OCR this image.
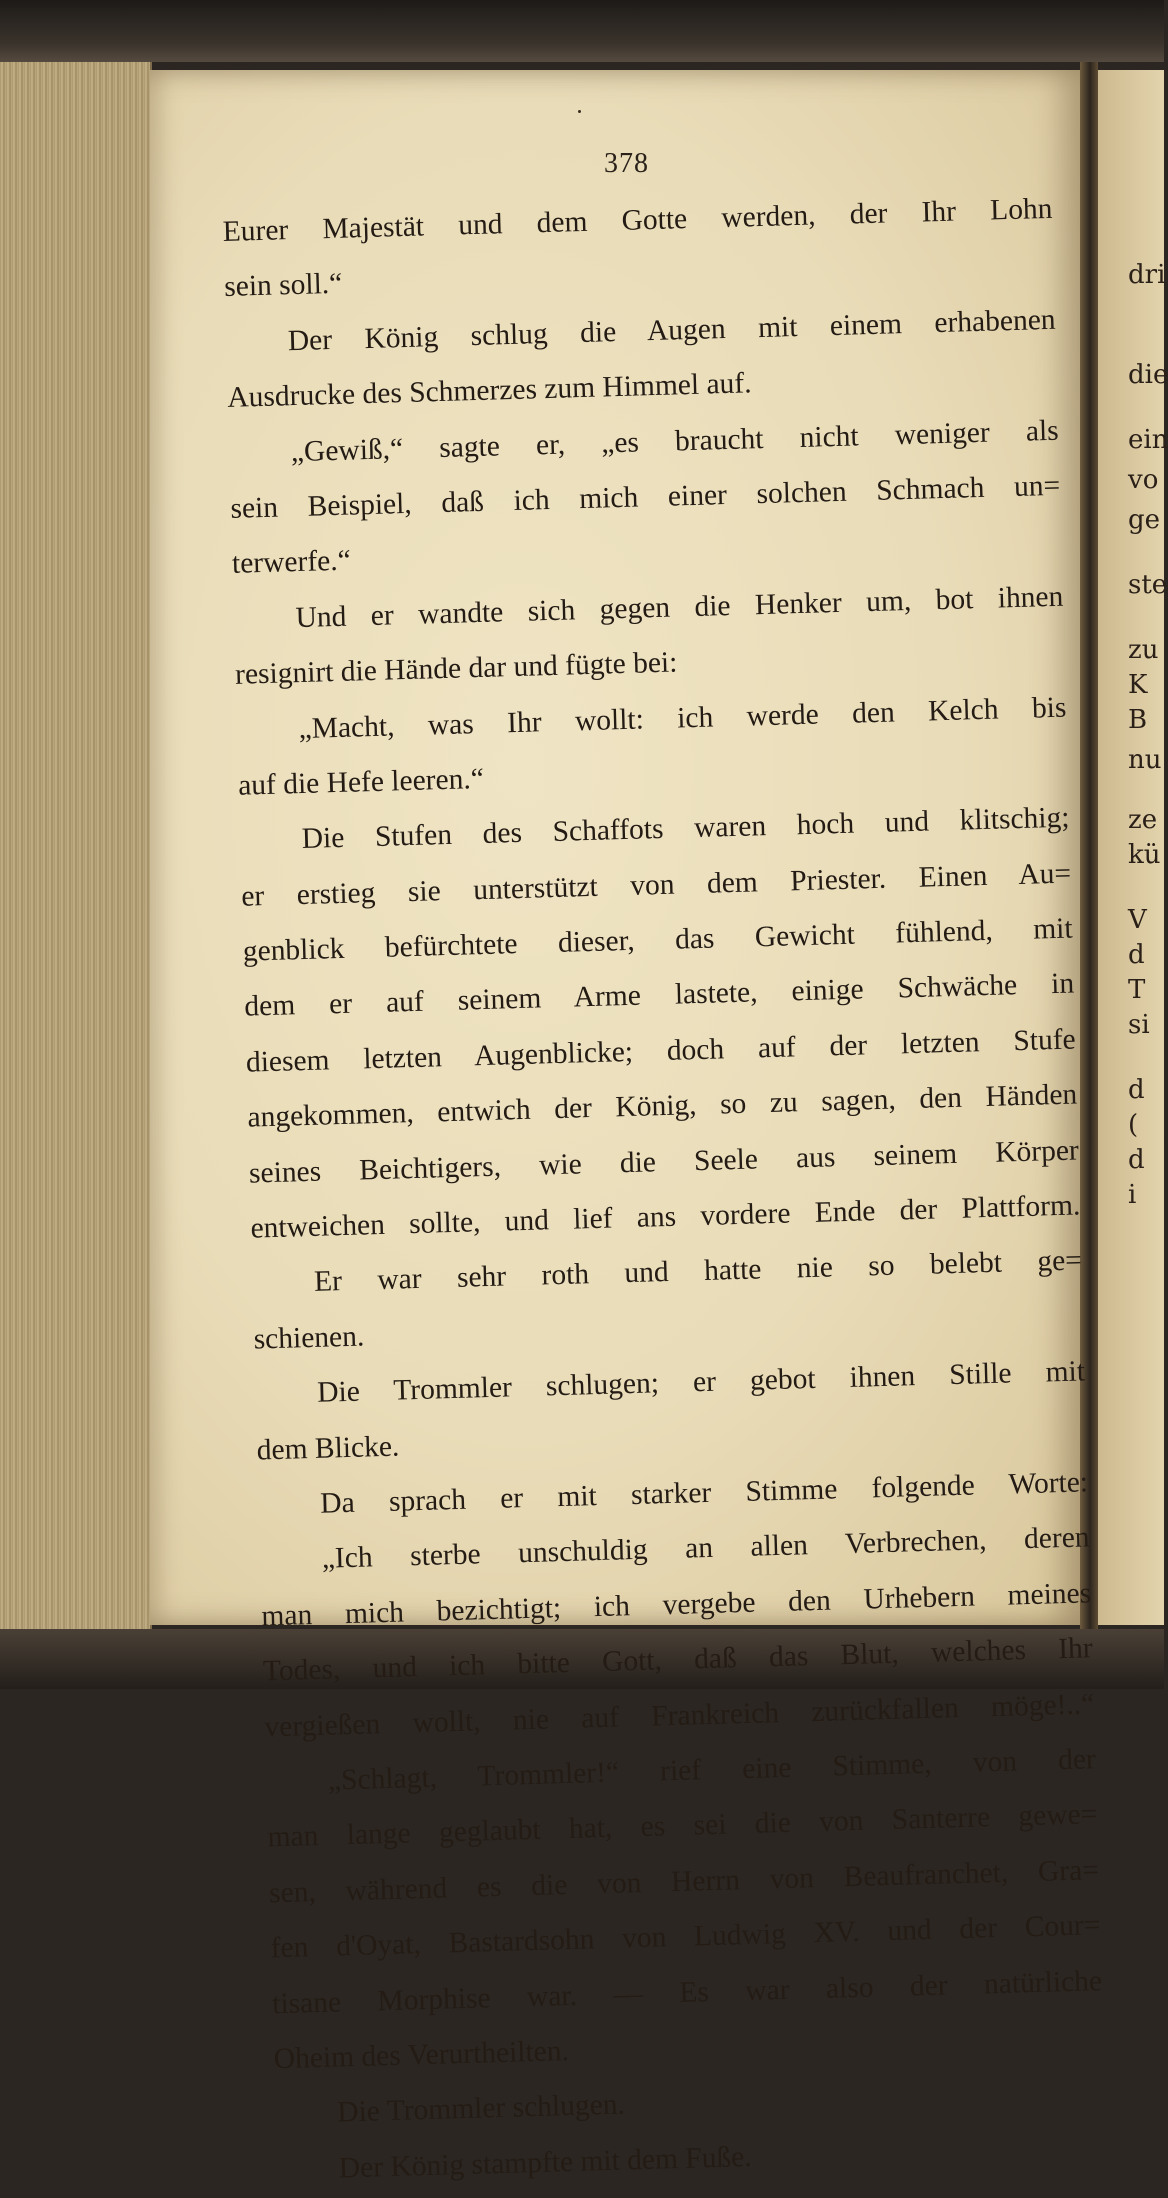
dri
die
ein
vo
ge
ste
zu
K
B
nu
ze
kü
V
d
T
si
d
(
d
i
378
Eurer Majestät und dem Gotte werden, der Ihr Lohn
sein soll.“
Der König schlug die Augen mit einem erhabenen
Ausdrucke des Schmerzes zum Himmel auf.
„Gewiß,“ sagte er, „es braucht nicht weniger als
sein Beispiel, daß ich mich einer solchen Schmach un=
terwerfe.“
Und er wandte sich gegen die Henker um, bot ihnen
resignirt die Hände dar und fügte bei:
„Macht, was Ihr wollt: ich werde den Kelch bis
auf die Hefe leeren.“
Die Stufen des Schaffots waren hoch und klitschig;
er erstieg sie unterstützt von dem Priester. Einen Au=
genblick befürchtete dieser, das Gewicht fühlend, mit
dem er auf seinem Arme lastete, einige Schwäche in
diesem letzten Augenblicke; doch auf der letzten Stufe
angekommen, entwich der König, so zu sagen, den Händen
seines Beichtigers, wie die Seele aus seinem Körper
entweichen sollte, und lief ans vordere Ende der Plattform.
Er war sehr roth und hatte nie so belebt ge=
schienen.
Die Trommler schlugen; er gebot ihnen Stille mit
dem Blicke.
Da sprach er mit starker Stimme folgende Worte:
„Ich sterbe unschuldig an allen Verbrechen, deren
man mich bezichtigt; ich vergebe den Urhebern meines
Todes, und ich bitte Gott, daß das Blut, welches Ihr
vergießen wollt, nie auf Frankreich zurückfallen möge!..“
„Schlagt, Trommler!“ rief eine Stimme, von der
man lange geglaubt hat, es sei die von Santerre gewe=
sen, während es die von Herrn von Beaufranchet, Gra=
fen d'Oyat, Bastardsohn von Ludwig XV. und der Cour=
tisane Morphise war. — Es war also der natürliche
Oheim des Verurtheilten.
Die Trommler schlugen.
Der König stampfte mit dem Fuße.
